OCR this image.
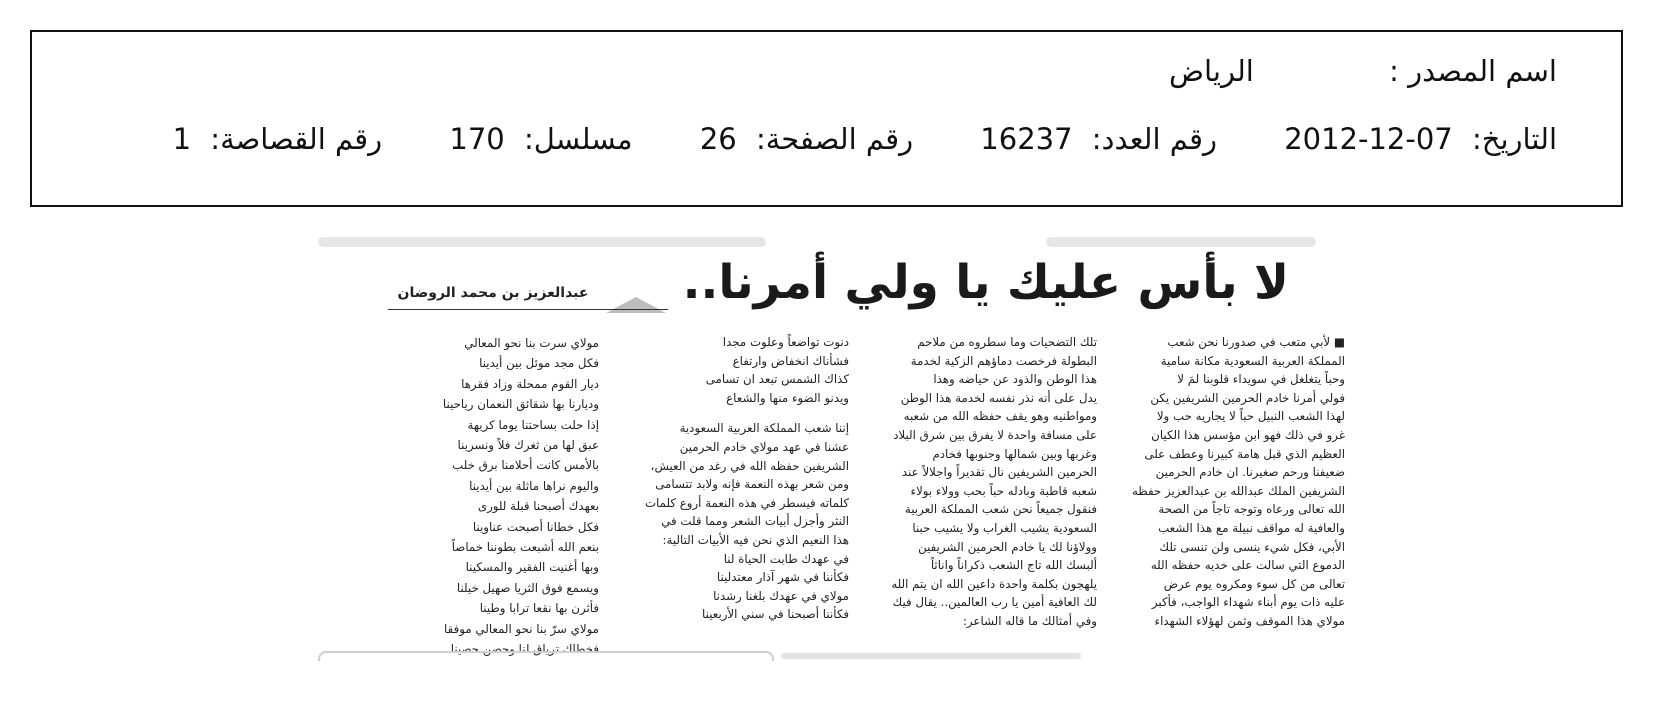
اسم المصدر : الرياض
التاريخ: 2012-12-07 رقم العدد: 16237 رقم الصفحة: 26 مسلسل: 170 رقم القصاصة: 1
لا بأس عليك يا ولي أمرنا..
عبدالعزيز بن محمد الروضان
■ لأبي متعب في صدورنا نحن شعب
المملكة العربية السعودية مكانة سامية
وحباً يتغلغل في سويداء قلوبنا لمَ لا
فولي أمرنا خادم الحرمين الشريفين يكن
لهذا الشعب النبيل حباً لا يجاريه حب ولا
غرو في ذلك فهو ابن مؤسس هذا الكيان
العظيم الذي قبل هامة كبيرنا وعطف على
ضعيفنا ورحم صغيرنا. ان خادم الحرمين
الشريفين الملك عبدالله بن عبدالعزيز حفظه
الله تعالى ورعاه وتوجه تاجاً من الصحة
والعافية له مواقف نبيلة مع هذا الشعب
الأبي، فكل شيء ينسى ولن تنسى تلك
الدموع التي سالت على خديه حفظه الله
تعالى من كل سوء ومكروه يوم عرض
عليه ذات يوم أبناء شهداء الواجب، فأكبر
مولاي هذا الموقف وثمن لهؤلاء الشهداء
تلك التضحيات وما سطروه من ملاحم
البطولة فرخصت دماؤهم الزكية لخدمة
هذا الوطن والذود عن حياضه وهذا
يدل على أنه نذر نفسه لخدمة هذا الوطن
ومواطنيه وهو يقف حفظه الله من شعبه
على مسافة واحدة لا يفرق بين شرق البلاد
وغربها وبين شمالها وجنوبها فخادم
الحرمين الشريفين نال تقديراً واجلالاً عند
شعبه قاطبة وبادله حباً بحب وولاء بولاء
فنقول جميعاً نحن شعب المملكة العربية
السعودية يشيب الغراب ولا يشيب حبنا
وولاؤنا لك يا خادم الحرمين الشريفين
ألبسك الله تاج الشعب ذكراناً واناثاً
يلهجون بكلمة واحدة داعين الله ان يتم الله
لك العافية أمين يا رب العالمين.. يقال فيك
وفي أمثالك ما قاله الشاعر:
دنوت تواضعاً وعلوت مجدا
فشأناك انخفاض وارتفاع
كذاك الشمس تبعد ان تسامى
ويدنو الضوء منها والشعاع
إننا شعب المملكة العربية السعودية
عشنا في عهد مولاي خادم الحرمين
الشريفين حفظه الله في رغد من العيش،
ومن شعر بهذه النعمة فإنه ولابد تتسامى
كلماته فيسطر في هذه النعمة أروع كلمات
النثر وأجزل أبيات الشعر ومما قلت في
هذا النعيم الذي نحن فيه الأبيات التالية:
في عهدك طابت الحياة لنا
فكأننا في شهر آذار معتدلينا
مولاي في عهدك بلغنا رشدنا
فكأننا أصبحنا في سني الأربعينا
مولاي سرت بنا نحو المعالي
فكل مجد موئل بين أيدينا
ديار القوم ممحلة وزاد فقرها
وديارنا بها شقائق النعمان رياحينا
إذا حلت بساحتنا يوما كريهة
عبق لها من ثغرك فلاً ونسرينا
بالأمس كانت أحلامنا برق خلب
واليوم نراها ماثلة بين أيدينا
بعهدك أصبحنا قبلة للورى
فكل خطانا أصبحت عناوينا
بنعم الله أشبعت بطوننا خماصاً
وبها أغنيت الفقير والمسكينا
ويسمع فوق الثريا صهيل خيلنا
فأثرن بها نقعا ترابا وطينا
مولاي سرّ بنا نحو المعالي موفقا
فخطاك ترياق لنا وحصن حصينا
